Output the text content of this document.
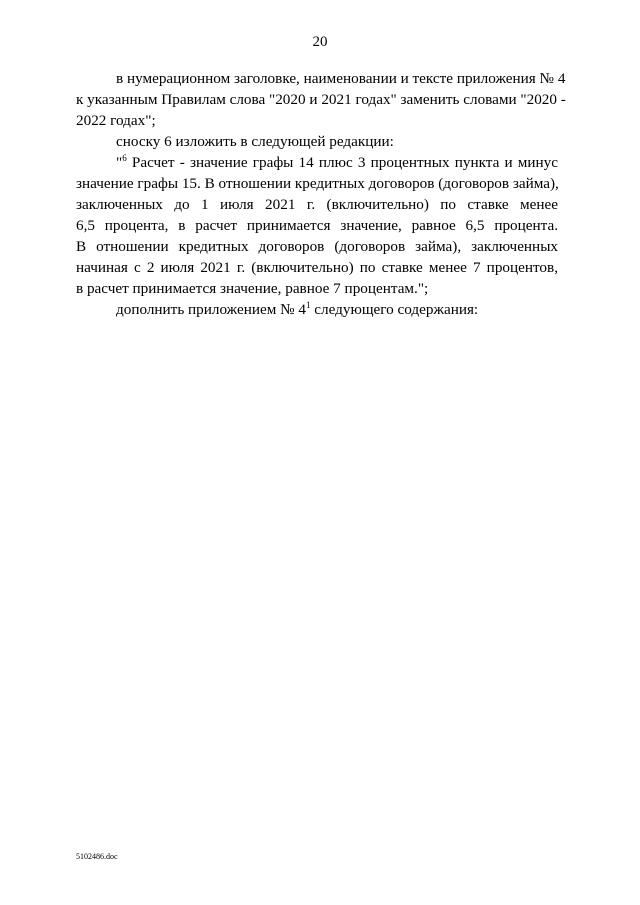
20
в нумерационном заголовке, наименовании и тексте приложения № 4
к указанным Правилам слова "2020 и 2021 годах" заменить словами "2020 -
2022 годах";
сноску 6 изложить в следующей редакции:
"$^6$ Расчет - значение графы 14 плюс 3 процентных пункта и минус
значение графы 15. В отношении кредитных договоров (договоров займа),
заключенных до 1 июля 2021 г. (включительно) по ставке менее
6,5 процента, в расчет принимается значение, равное 6,5 процента.
В отношении кредитных договоров (договоров займа), заключенных
начиная с 2 июля 2021 г. (включительно) по ставке менее 7 процентов,
в расчет принимается значение, равное 7 процентам.";
дополнить приложением № $4^1$ следующего содержания:
5102486.doc
